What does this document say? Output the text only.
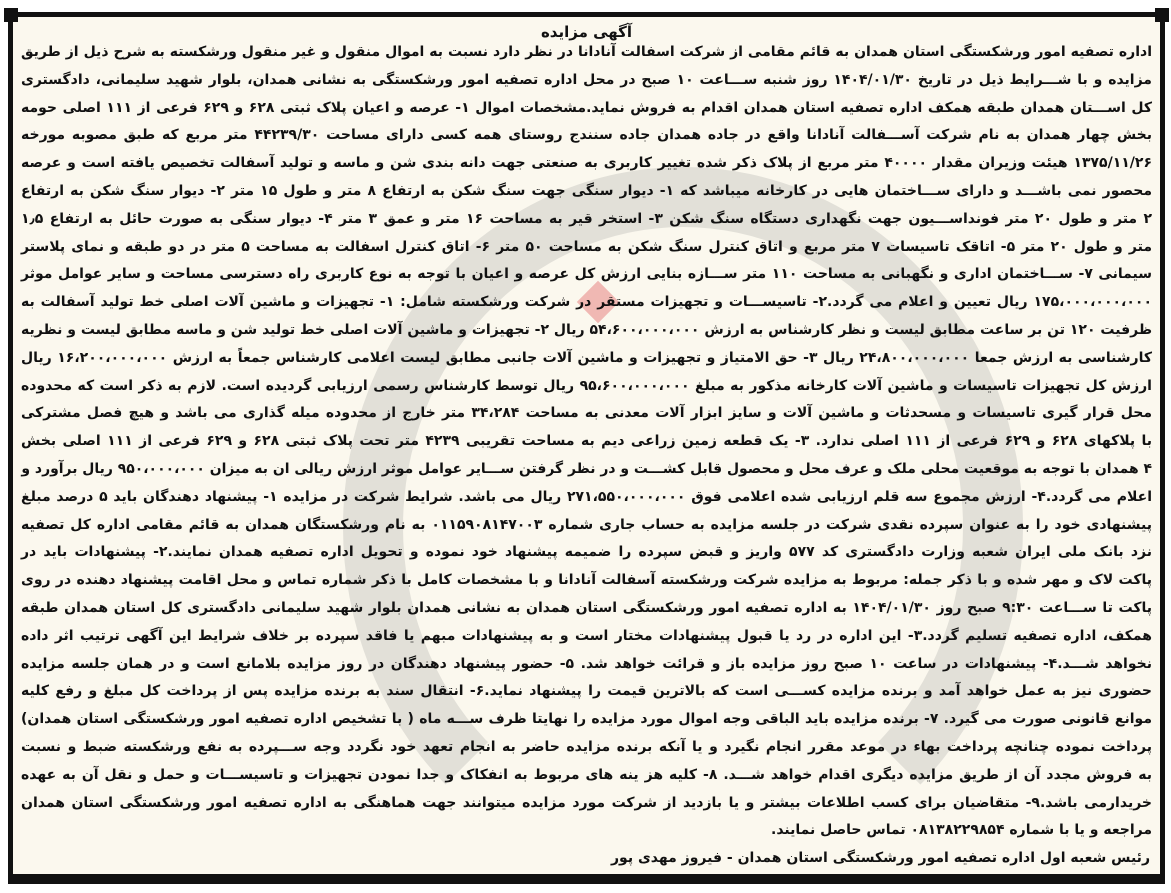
آگهی مزایده
اداره تصفیه امور ورشکستگی استان همدان به قائم مقامی از شرکت اسفالت آنادانا در نظر دارد نسبت به اموال منقول و غیر منقول ورشکسته به شرح ذیل از طریق
مزایده و با شـــرایط ذیل در تاریخ ۱۴۰۴/۰۱/۳۰ روز شنبه ســـاعت ۱۰ صبح در محل اداره تصفیه امور ورشکستگی به نشانی همدان، بلوار شهید سلیمانی، دادگستری
کل اســـتان همدان طبقه همکف اداره تصفیه استان همدان اقدام به فروش نماید.مشخصات اموال ۱- عرصه و اعیان پلاک ثبتی ۶۲۸ و ۶۲۹ فرعی از ۱۱۱ اصلی حومه
بخش چهار همدان به نام شرکت آســـفالت آنادانا واقع در جاده همدان جاده سنندج روستای همه کسی دارای مساحت ۴۴۲۳۹/۳۰ متر مربع که طبق مصوبه مورخه
۱۳۷۵/۱۱/۲۶ هیئت وزیران مقدار ۴۰۰۰۰ متر مربع از پلاک ذکر شده تغییر کاربری به صنعتی جهت دانه بندی شن و ماسه و تولید آسفالت تخصیص یافته است و عرصه
محصور نمی باشـــد و دارای ســـاختمان هایی در کارخانه میباشد که ۱- دیوار سنگی جهت سنگ شکن به ارتفاع ۸ متر و طول ۱۵ متر ۲- دیوار سنگ شکن به ارتفاع
۲ متر و طول ۲۰ متر فونداســـیون جهت نگهداری دستگاه سنگ شکن ۳- استخر قیر به مساحت ۱۶ متر و عمق ۳ متر ۴- دیوار سنگی به صورت حائل به ارتفاع ۱٫۵
متر و طول ۲۰ متر ۵- اتاقک تاسیسات ۷ متر مربع و اتاق کنترل سنگ شکن به مساحت ۵۰ متر ۶- اتاق کنترل اسفالت به مساحت ۵ متر در دو طبقه و نمای پلاستر
سیمانی ۷- ســـاختمان اداری و نگهبانی به مساحت ۱۱۰ متر ســـازه بنایی ارزش کل عرصه و اعیان با توجه به نوع کاربری راه دسترسی مساحت و سایر عوامل موثر
۱۷۵،۰۰۰،۰۰۰،۰۰۰ ریال تعیین و اعلام می گردد.۲- تاسیســـات و تجهیزات مستقر در شرکت ورشکسته شامل: ۱- تجهیزات و ماشین آلات اصلی خط تولید آسفالت به
ظرفیت ۱۲۰ تن بر ساعت مطابق لیست و نظر کارشناس به ارزش ۵۴،۶۰۰،۰۰۰،۰۰۰ ریال ۲- تجهیزات و ماشین آلات اصلی خط تولید شن و ماسه مطابق لیست و نظریه
کارشناسی به ارزش جمعا ۲۴،۸۰۰،۰۰۰،۰۰۰ ریال ۳- حق الامتیاز و تجهیزات و ماشین آلات جانبی مطابق لیست اعلامی کارشناس جمعاً به ارزش ۱۶،۲۰۰،۰۰۰،۰۰۰ ریال
ارزش کل تجهیزات تاسیسات و ماشین آلات کارخانه مذکور به مبلغ ۹۵،۶۰۰،۰۰۰،۰۰۰ ریال توسط کارشناس رسمی ارزیابی گردیده است. لازم به ذکر است که محدوده
محل قرار گیری تاسیسات و مسحدثات و ماشین آلات و سایز ابزار آلات معدنی به مساحت ۳۴،۲۸۴ متر خارج از محدوده میله گذاری می باشد و هیچ فصل مشترکی
با پلاکهای ۶۲۸ و ۶۲۹ فرعی از ۱۱۱ اصلی ندارد. ۳- یک قطعه زمین زراعی دیم به مساحت تقریبی ۴۲۳۹ متر تحت پلاک ثبتی ۶۲۸ و ۶۲۹ فرعی از ۱۱۱ اصلی بخش
۴ همدان با توجه به موقعیت محلی ملک و عرف محل و محصول قابل کشـــت و در نظر گرفتن ســـایر عوامل موثر ارزش ریالی ان به میزان ۹۵۰،۰۰۰،۰۰۰ ریال برآورد و
اعلام می گردد.۴- ارزش مجموع سه قلم ارزیابی شده اعلامی فوق ۲۷۱،۵۵۰،۰۰۰،۰۰۰ ریال می باشد. شرایط شرکت در مزایده ۱- پیشنهاد دهندگان باید ۵ درصد مبلغ
پیشنهادی خود را به عنوان سپرده نقدی شرکت در جلسه مزایده به حساب جاری شماره ۰۱۱۵۹۰۸۱۴۷۰۰۳ به نام ورشکستگان همدان به قائم مقامی اداره کل تصفیه
نزد بانک ملی ایران شعبه وزارت دادگستری کد ۵۷۷ واریز و قبض سپرده را ضمیمه پیشنهاد خود نموده و تحویل اداره تصفیه همدان نمایند.۲- پیشنهادات باید در
پاکت لاک و مهر شده و با ذکر جمله: مربوط به مزایده شرکت ورشکسته آسفالت آنادانا و با مشخصات کامل با ذکر شماره تماس و محل اقامت پیشنهاد دهنده در روی
پاکت تا ســـاعت ۹:۳۰ صبح روز ۱۴۰۴/۰۱/۳۰ به اداره تصفیه امور ورشکستگی استان همدان به نشانی همدان بلوار شهید سلیمانی دادگستری کل استان همدان طبقه
همکف، اداره تصفیه تسلیم گردد.۳- این اداره در رد یا قبول پیشنهادات مختار است و به پیشنهادات مبهم یا فاقد سپرده بر خلاف شرایط این آگهی ترتیب اثر داده
نخواهد شـــد.۴- پیشنهادات در ساعت ۱۰ صبح روز مزایده باز و قرائت خواهد شد. ۵- حضور پیشنهاد دهندگان در روز مزایده بلامانع است و در همان جلسه مزایده
حضوری نیز به عمل خواهد آمد و برنده مزایده کســـی است که بالاترین قیمت را پیشنهاد نماید.۶- انتقال سند به برنده مزایده پس از پرداخت کل مبلغ و رفع کلیه
موانع قانونی صورت می گیرد. ۷- برنده مزایده باید الباقی وجه اموال مورد مزایده را نهایتا ظرف ســـه ماه ( با تشخیص اداره تصفیه امور ورشکستگی استان همدان)
پرداخت نموده چنانچه پرداخت بهاء در موعد مقرر انجام نگیرد و یا آنکه برنده مزایده حاضر به انجام تعهد خود نگردد وجه ســـپرده به نفع ورشکسته ضبط و نسبت
به فروش مجدد آن از طریق مزایده دیگری اقدام خواهد شـــد. ۸- کلیه هز ینه های مربوط به انفکاک و جدا نمودن تجهیزات و تاسیســـات و حمل و نقل آن به عهده
خریدارمی باشد.۹- متقاضیان برای کسب اطلاعات بیشتر و یا بازدید از شرکت مورد مزایده میتوانند جهت هماهنگی به اداره تصفیه امور ورشکستگی استان همدان
مراجعه و یا با شماره ۰۸۱۳۸۲۲۹۸۵۴ تماس حاصل نمایند.
رئیس شعبه اول اداره تصفیه امور ورشکستگی استان همدان - فیروز مهدی پور
